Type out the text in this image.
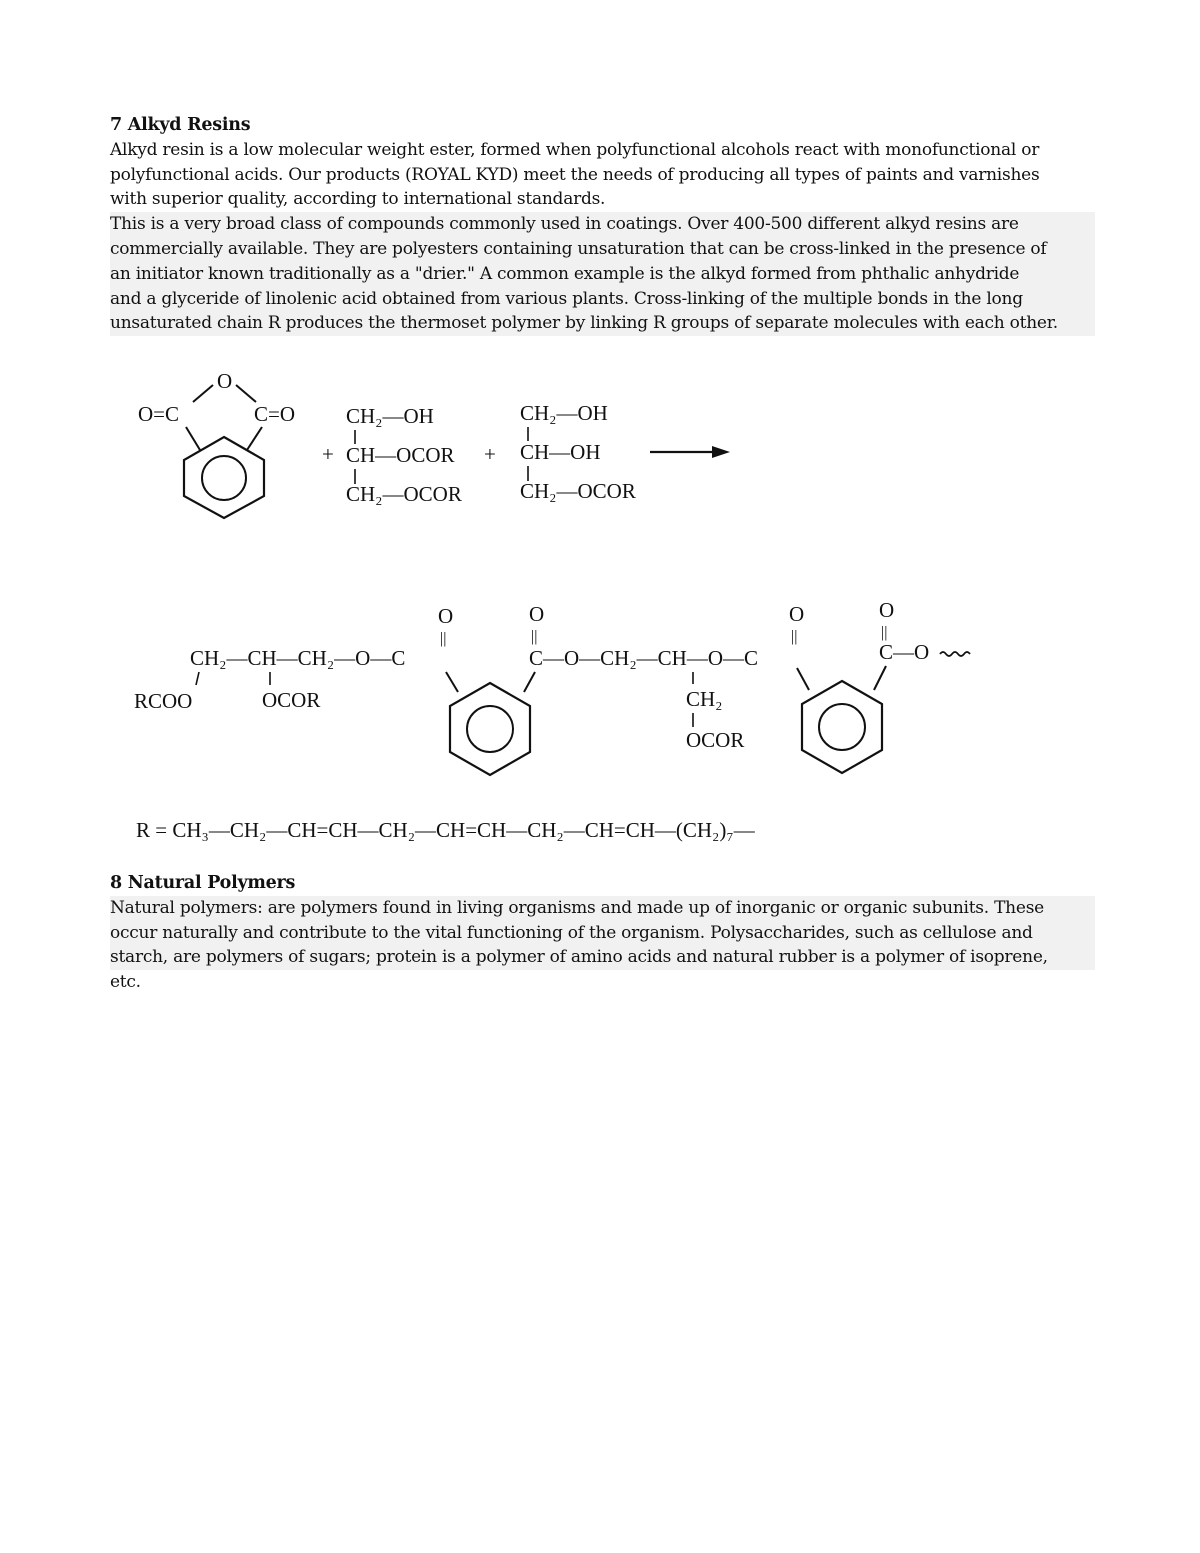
7 Alkyd Resins
Alkyd resin is a low molecular weight ester, formed when polyfunctional alcohols react with monofunctional or
polyfunctional acids. Our products (ROYAL KYD) meet the needs of producing all types of paints and varnishes
with superior quality, according to international standards.
This is a very broad class of compounds commonly used in coatings. Over 400-500 different alkyd resins are
commercially available. They are polyesters containing unsaturation that can be cross-linked in the presence of
an initiator known traditionally as a "drier." A common example is the alkyd formed from phthalic anhydride
and a glyceride of linolenic acid obtained from various plants. Cross-linking of the multiple bonds in the long
unsaturated chain R produces the thermoset polymer by linking R groups of separate molecules with each other.
O
O=C	C=O
+
CH₂—OH
CH—OCOR
CH₂—OCOR
+
CH₂—OH
CH—OH
CH₂—OCOR
O
||
O
||
O
||
O
||
CH₂—CH—CH₂—O—C	C—O—CH₂—CH—O—C	C—O
RCOO	OCOR	CH₂
OCOR
R = CH₃—CH₂—CH=CH—CH₂—CH=CH—CH₂—CH=CH—(CH₂)₇—
8 Natural Polymers
Natural polymers: are polymers found in living organisms and made up of inorganic or organic subunits. These
occur naturally and contribute to the vital functioning of the organism. Polysaccharides, such as cellulose and
starch, are polymers of sugars; protein is a polymer of amino acids and natural rubber is a polymer of isoprene,
etc.
